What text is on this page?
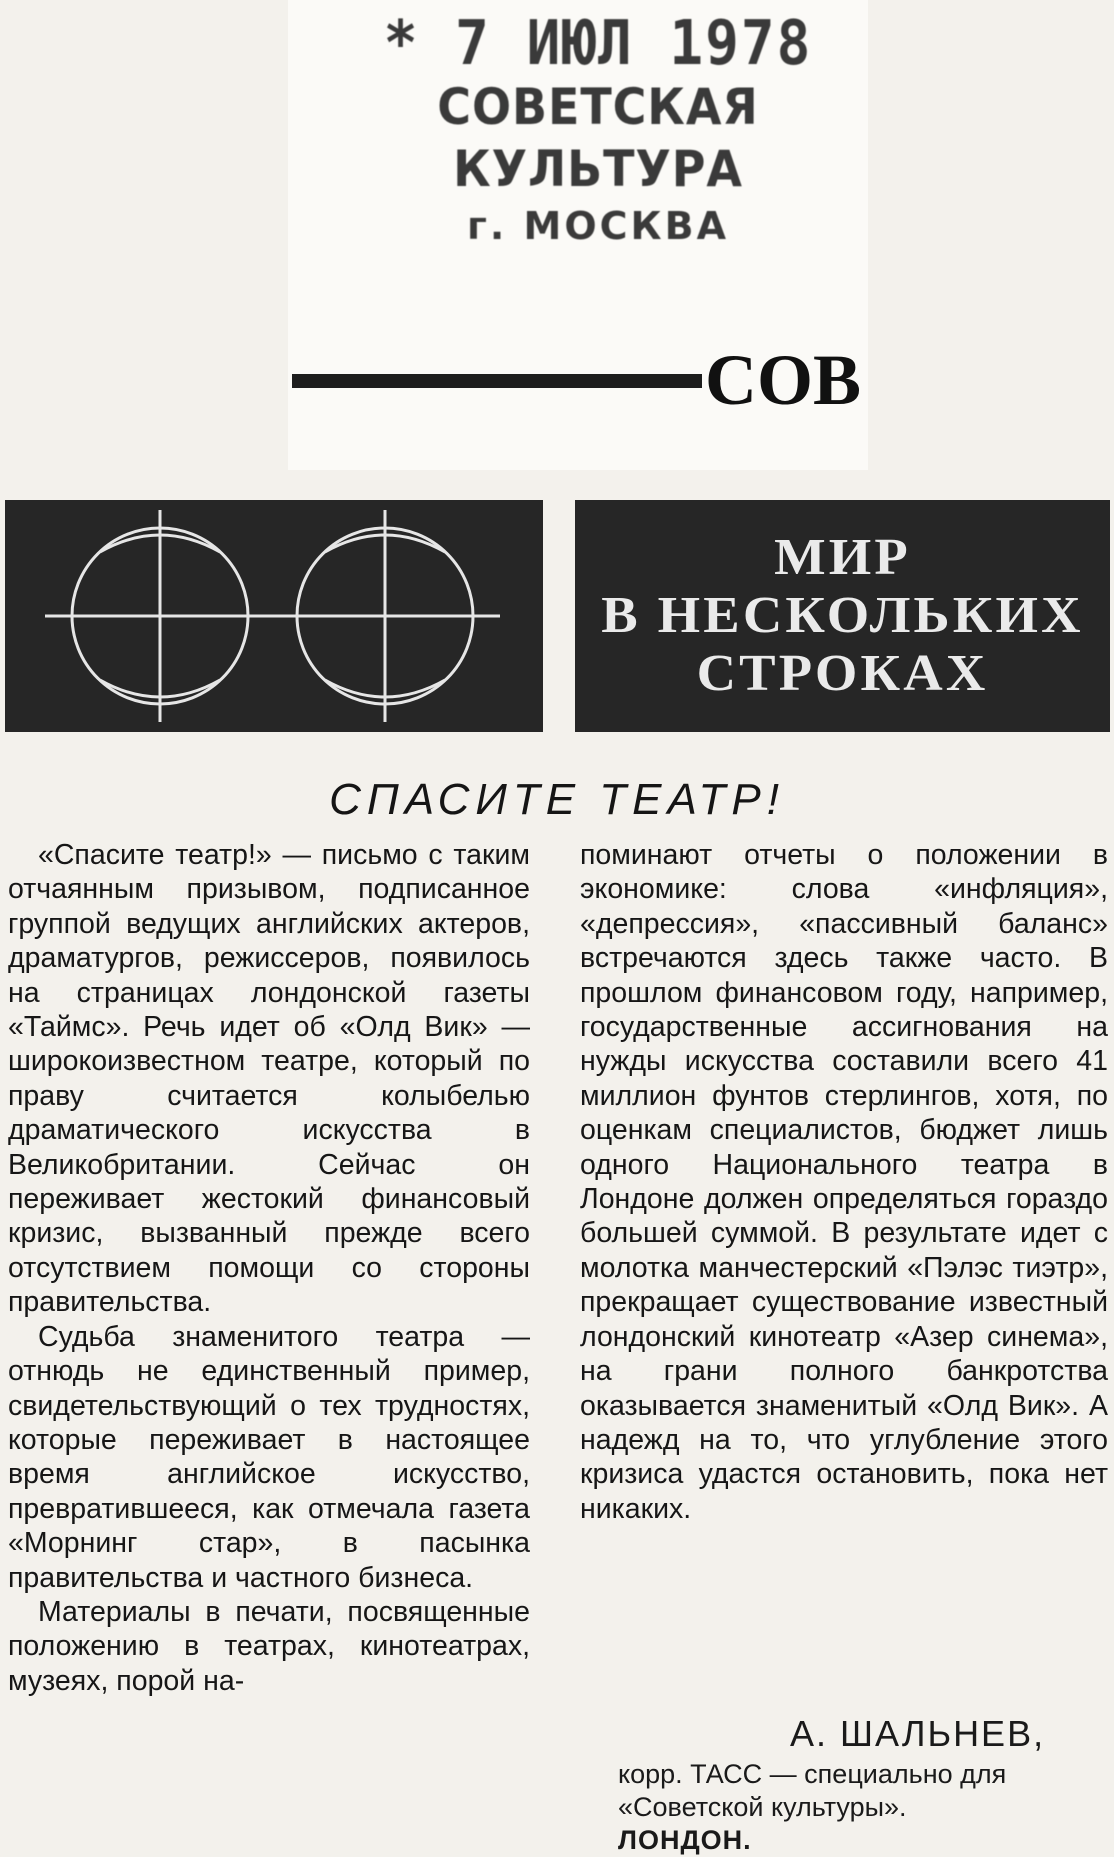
* 7 ИЮЛ 1978
СОВЕТСКАЯ КУЛЬТУРА
г. МОСКВА
СОВ
МИР
В НЕСКОЛЬКИХ
СТРОКАХ
СПАСИТЕ ТЕАТР!

«Спасите театр!» — письмо с таким отчаянным призывом, подписанное группой ведущих английских актеров, драматургов, режиссеров, появилось на страницах лондонской газеты «Таймс». Речь идет об «Олд Вик» — широкоизвестном театре, который по праву считается колыбелью драматического искусства в Великобритании. Сейчас он переживает жестокий финансовый кризис, вызванный прежде всего отсутствием помощи со стороны правительства.

Судьба знаменитого театра — отнюдь не единственный пример, свидетельствующий о тех трудностях, которые переживает в настоящее время английское искусство, превратившееся, как отмечала газета «Морнинг стар», в пасынка правительства и частного бизнеса.

Материалы в печати, посвященные положению в театрах, кинотеатрах, музеях, порой на-

поминают отчеты о положении в экономике: слова «инфляция», «депрессия», «пассивный баланс» встречаются здесь также часто. В прошлом финансовом году, например, государственные ассигнования на нужды искусства составили всего 41 миллион фунтов стерлингов, хотя, по оценкам специалистов, бюджет лишь одного Национального театра в Лондоне должен определяться гораздо большей суммой. В результате идет с молотка манчестерский «Пэлэс тиэтр», прекращает существование известный лондонский кинотеатр «Азер синема», на грани полного банкротства оказывается знаменитый «Олд Вик». А надежд на то, что углубление этого кризиса удастся остановить, пока нет никаких.

А. ШАЛЬНЕВ,
корр. ТАСС — специально для «Советской культуры».
ЛОНДОН.
